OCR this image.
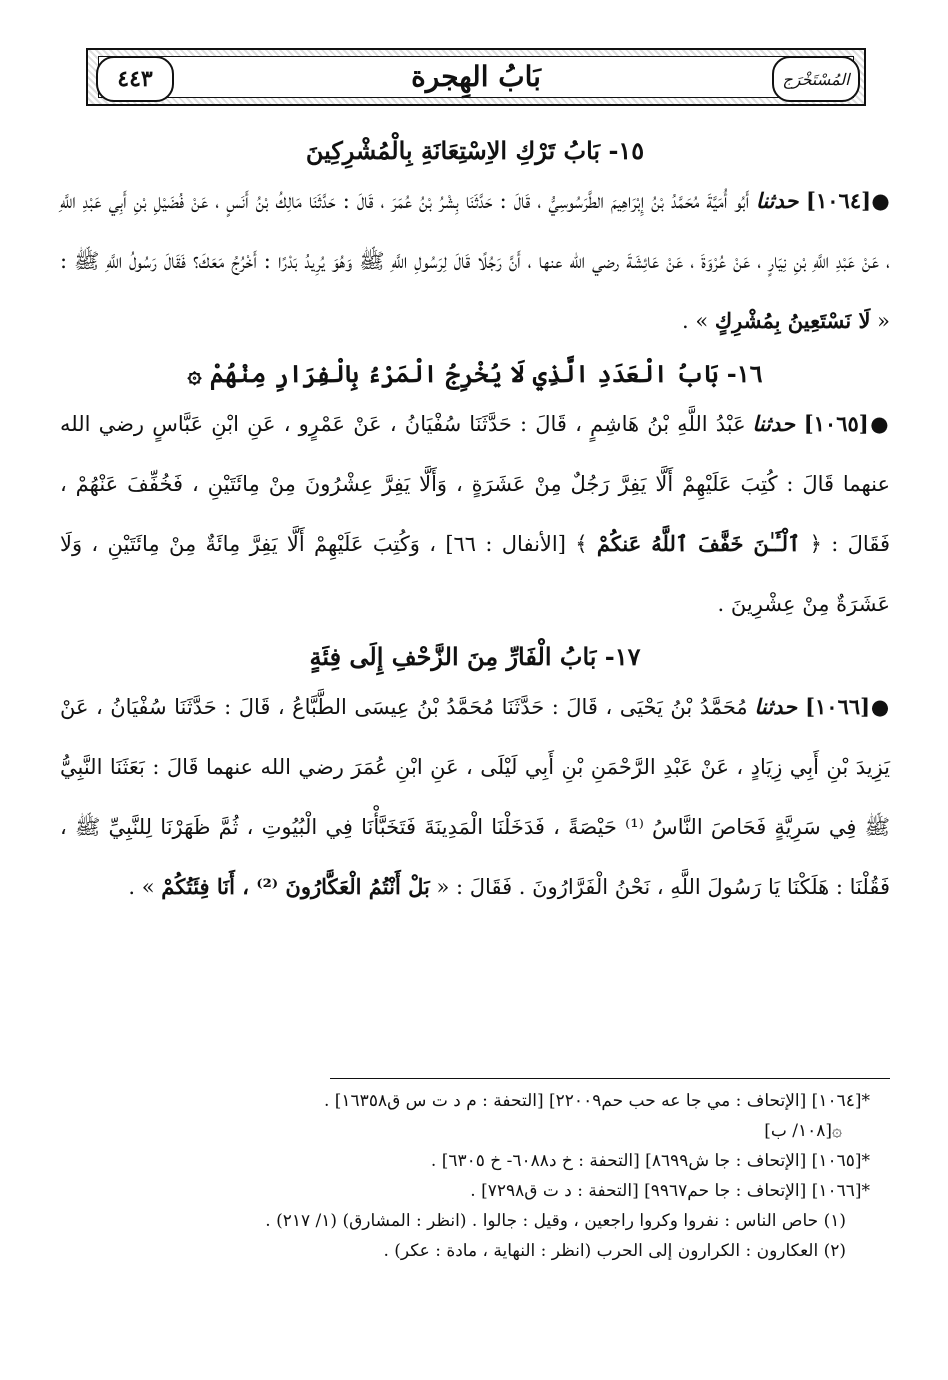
بَابُ الهِجرة
٤٤٣	المُسْتَخْرَج
١٥- بَابُ تَرْكِ الاِسْتِعَانَةِ بِالْمُشْرِكِينَ

●[١٠٦٤] حدثنا أَبُو أُمَيَّةَ مُحَمَّدُ بْنُ إِبْرَاهِيمَ الطَّرَسُوسِيُّ ، قَالَ : حَدَّثَنَا بِشْرُ بْنُ عُمَرَ ، قَالَ : حَدَّثَنَا مَالِكُ بْنُ أَنَسٍ ، عَنْ فُضَيْلِ بْنِ أَبِي عَبْدِ اللَّهِ ، عَنْ عَبْدِ اللَّهِ بْنِ نِيَارٍ ، عَنْ عُرْوَةَ ، عَنْ عَائِشَةَ رضي الله عنها ، أَنَّ رَجُلًا قَالَ لِرَسُولِ اللَّهِ ﷺ وَهُوَ يُرِيدُ بَدْرًا : أَخْرُجُ مَعَكَ؟ فَقَالَ رَسُولُ اللَّهِ ﷺ : « لَا نَسْتَعِينُ بِمُشْرِكٍ » .

١٦- بَابُ الْعَدَدِ الَّذِي لَا يُخْرِجُ الْمَرْءُ بِالْفِرَارِ مِنْهُمْ ۞

●[١٠٦٥] حدثنا عَبْدُ اللَّهِ بْنُ هَاشِمٍ ، قَالَ : حَدَّثَنَا سُفْيَانُ ، عَنْ عَمْرٍو ، عَنِ ابْنِ عَبَّاسٍ رضي الله عنهما قَالَ : كُتِبَ عَلَيْهِمْ أَلَّا يَفِرَّ رَجُلٌ مِنْ عَشَرَةٍ ، وَأَلَّا يَفِرَّ عِشْرُونَ مِنْ مِائَتَيْنِ ، فَخُفِّفَ عَنْهُمْ ، فَقَالَ : ﴿ ٱلْـَٔـٰنَ خَفَّفَ ٱللَّهُ عَنكُمْ ﴾ [الأنفال : ٦٦] ، وَكُتِبَ عَلَيْهِمْ أَلَّا يَفِرَّ مِائَةٌ مِنْ مِائَتَيْنِ ، وَلَا عَشَرَةٌ مِنْ عِشْرِينَ .

١٧- بَابُ الْفَارِّ مِنَ الزَّحْفِ إِلَى فِئَةٍ

●[١٠٦٦] حدثنا مُحَمَّدُ بْنُ يَحْيَى ، قَالَ : حَدَّثَنَا مُحَمَّدُ بْنُ عِيسَى الطَّبَّاعُ ، قَالَ : حَدَّثَنَا سُفْيَانُ ، عَنْ يَزِيدَ بْنِ أَبِي زِيَادٍ ، عَنْ عَبْدِ الرَّحْمَنِ بْنِ أَبِي لَيْلَى ، عَنِ ابْنِ عُمَرَ رضي الله عنهما قَالَ : بَعَثَنَا النَّبِيُّ ﷺ فِي سَرِيَّةٍ فَحَاصَ النَّاسُ ⁽¹⁾ حَيْصَةً ، فَدَخَلْنَا الْمَدِينَةَ فَتَخَبَّأْنَا فِي الْبُيُوتِ ، ثُمَّ ظَهَرْنَا لِلنَّبِيِّ ﷺ ، فَقُلْنَا : هَلَكْنَا يَا رَسُولَ اللَّهِ ، نَحْنُ الْفَرَّارُونَ . فَقَالَ : « بَلْ أَنْتُمُ الْعَكَّارُونَ ⁽²⁾ ، أَنَا فِئَتُكُمْ » .

*[١٠٦٤] [الإتحاف : مي جا عه حب حم٢٢٠٠٩] [التحفة : م د ت س ق١٦٣٥٨] .

۞[١٠٨/ ب]

*[١٠٦٥] [الإتحاف : جا ش٨٦٩٩] [التحفة : خ د٦٠٨٨- خ ٦٣٠٥] .

*[١٠٦٦] [الإتحاف : جا حم٩٩٦٧] [التحفة : د ت ق٧٢٩٨] .

(١) حاص الناس : نفروا وكروا راجعين ، وقيل : جالوا . (انظر : المشارق) (١/ ٢١٧) .

(٢) العكارون : الكرارون إلى الحرب (انظر : النهاية ، مادة : عكر) .
